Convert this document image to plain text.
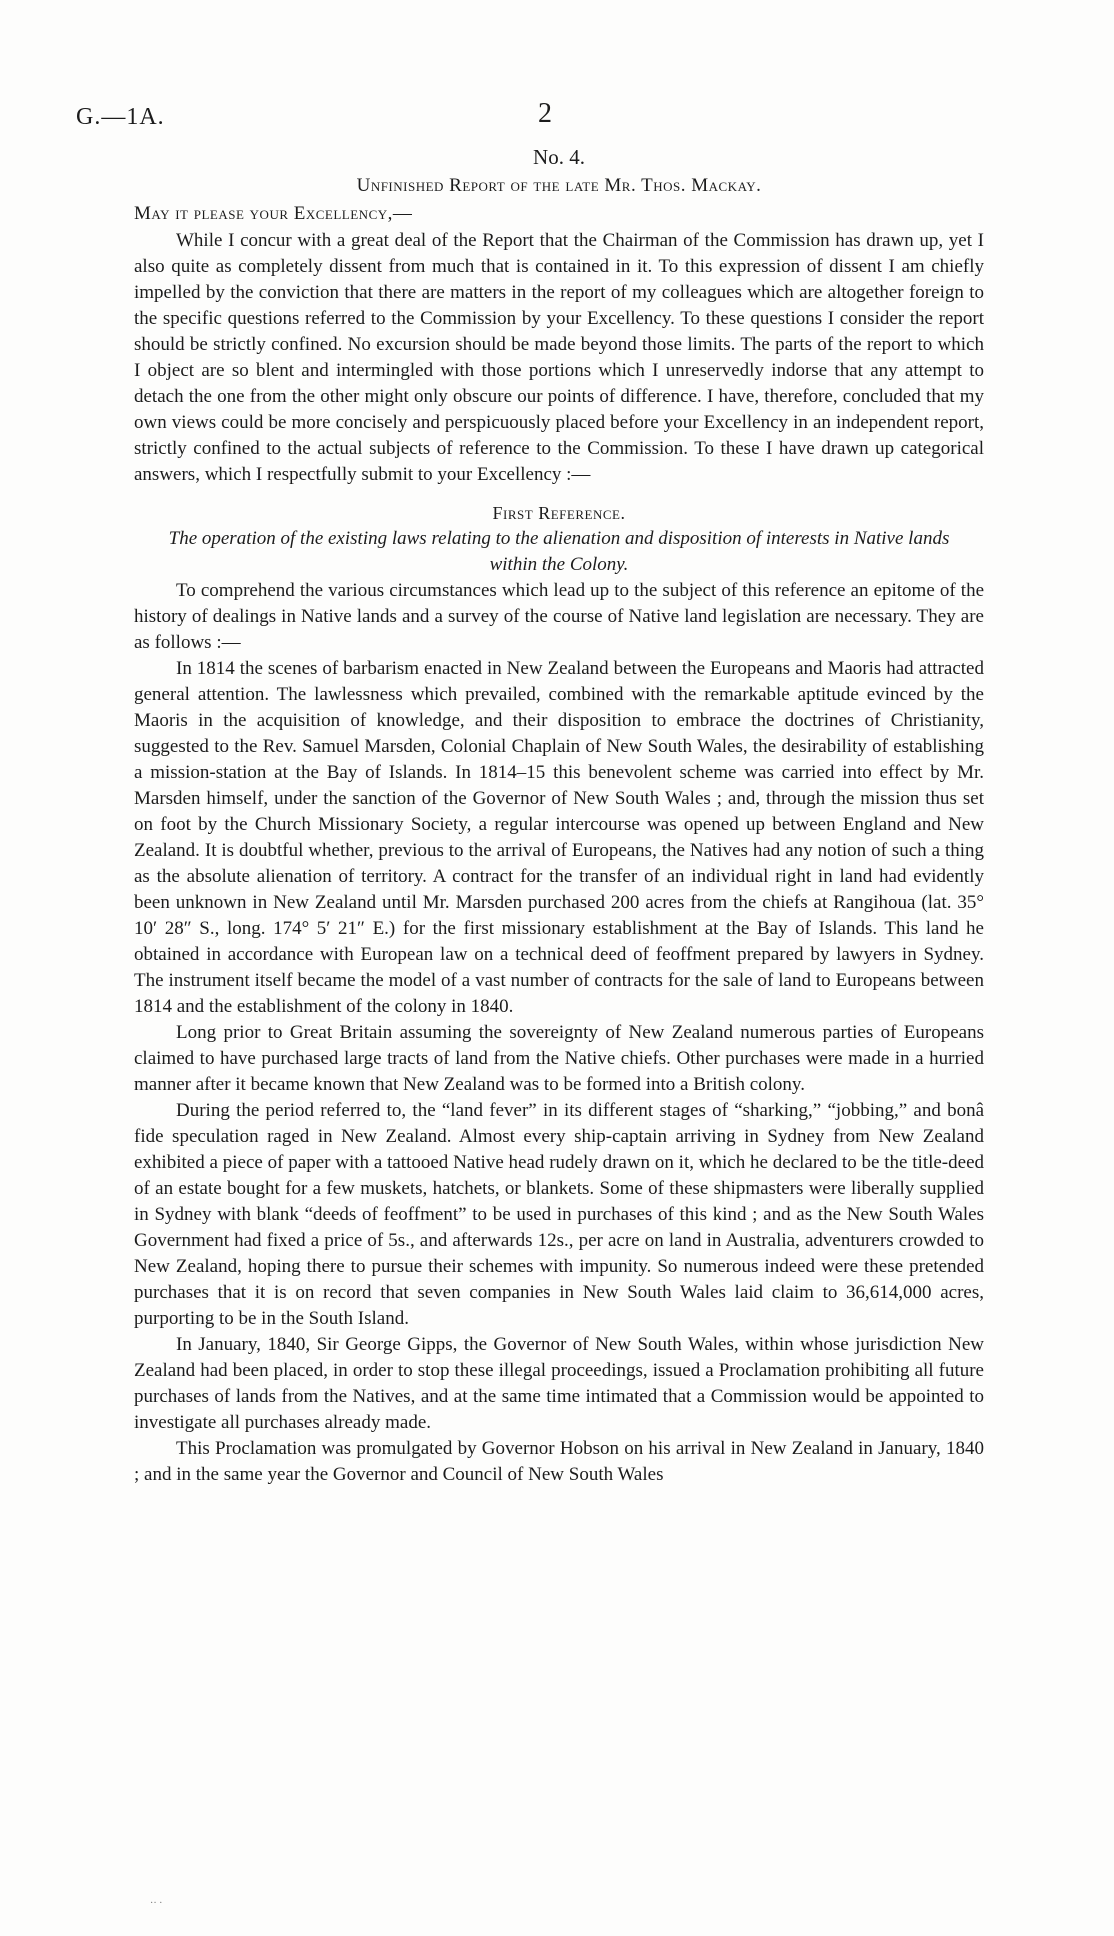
G.—1A.	2

No. 4.

Unfinished Report of the late Mr. Thos. Mackay.

May it please your Excellency,—

While I concur with a great deal of the Report that the Chairman of the Commission has drawn up, yet I also quite as completely dissent from much that is contained in it. To this expression of dissent I am chiefly impelled by the conviction that there are matters in the report of my colleagues which are altogether foreign to the specific questions referred to the Commission by your Excellency. To these questions I consider the report should be strictly confined. No excursion should be made beyond those limits. The parts of the report to which I object are so blent and intermingled with those portions which I unreservedly indorse that any attempt to detach the one from the other might only obscure our points of difference. I have, therefore, concluded that my own views could be more concisely and perspicuously placed before your Excellency in an independent report, strictly confined to the actual subjects of reference to the Commission. To these I have drawn up categorical answers, which I respectfully submit to your Excellency :—

First Reference.

The operation of the existing laws relating to the alienation and disposition of interests in Native lands within the Colony.

To comprehend the various circumstances which lead up to the subject of this reference an epitome of the history of dealings in Native lands and a survey of the course of Native land legislation are necessary. They are as follows :—

In 1814 the scenes of barbarism enacted in New Zealand between the Europeans and Maoris had attracted general attention. The lawlessness which prevailed, combined with the remarkable aptitude evinced by the Maoris in the acquisition of knowledge, and their disposition to embrace the doctrines of Christianity, suggested to the Rev. Samuel Marsden, Colonial Chaplain of New South Wales, the desirability of establishing a mission-station at the Bay of Islands. In 1814–15 this benevolent scheme was carried into effect by Mr. Marsden himself, under the sanction of the Governor of New South Wales ; and, through the mission thus set on foot by the Church Missionary Society, a regular intercourse was opened up between England and New Zealand. It is doubtful whether, previous to the arrival of Europeans, the Natives had any notion of such a thing as the absolute alienation of territory. A contract for the transfer of an individual right in land had evidently been unknown in New Zealand until Mr. Marsden purchased 200 acres from the chiefs at Rangihoua (lat. 35° 10′ 28″ S., long. 174° 5′ 21″ E.) for the first missionary establishment at the Bay of Islands. This land he obtained in accordance with European law on a technical deed of feoffment prepared by lawyers in Sydney. The instrument itself became the model of a vast number of contracts for the sale of land to Europeans between 1814 and the establishment of the colony in 1840.

Long prior to Great Britain assuming the sovereignty of New Zealand numerous parties of Europeans claimed to have purchased large tracts of land from the Native chiefs. Other purchases were made in a hurried manner after it became known that New Zealand was to be formed into a British colony.

During the period referred to, the “land fever” in its different stages of “sharking,” “jobbing,” and bonâ fide speculation raged in New Zealand. Almost every ship-captain arriving in Sydney from New Zealand exhibited a piece of paper with a tattooed Native head rudely drawn on it, which he declared to be the title-deed of an estate bought for a few muskets, hatchets, or blankets. Some of these shipmasters were liberally supplied in Sydney with blank “deeds of feoffment” to be used in purchases of this kind ; and as the New South Wales Government had fixed a price of 5s., and afterwards 12s., per acre on land in Australia, adventurers crowded to New Zealand, hoping there to pursue their schemes with impunity. So numerous indeed were these pretended purchases that it is on record that seven companies in New South Wales laid claim to 36,614,000 acres, purporting to be in the South Island.

In January, 1840, Sir George Gipps, the Governor of New South Wales, within whose jurisdiction New Zealand had been placed, in order to stop these illegal proceedings, issued a Proclamation prohibiting all future purchases of lands from the Natives, and at the same time intimated that a Commission would be appointed to investigate all purchases already made.

This Proclamation was promulgated by Governor Hobson on his arrival in New Zealand in January, 1840 ; and in the same year the Governor and Council of New South Wales

·· ·
